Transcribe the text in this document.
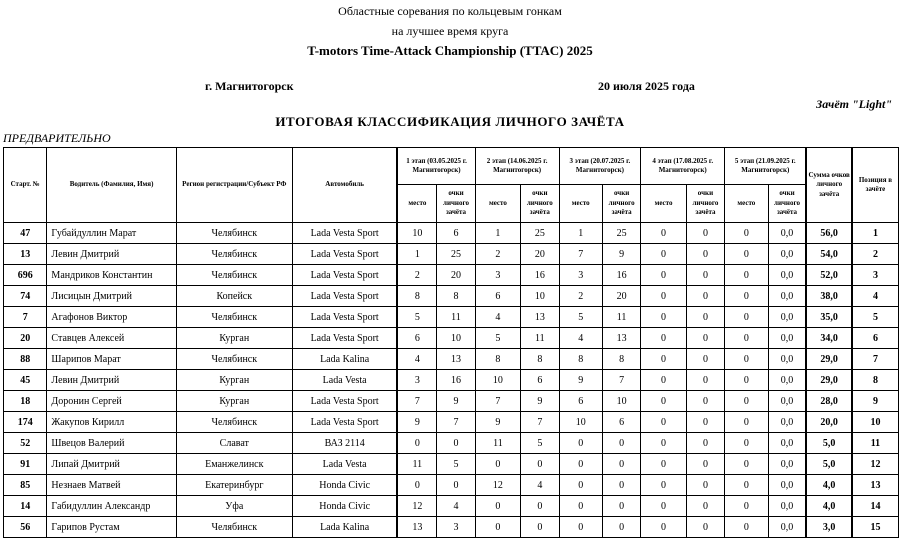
Областные соревания по кольцевым гонкам
на лучшее время круга
T-motors Time-Attack Championship (TTAC) 2025
г. Магнитогорск	20 июля 2025 года
Зачёт "Light"
ИТОГОВАЯ КЛАССИФИКАЦИЯ ЛИЧНОГО ЗАЧЁТА
ПРЕДВАРИТЕЛЬНО
Старт. №	Водитель (Фамилия, Имя)	Регион регистрации/Субъект РФ	Автомобиль	1 этап (03.05.2025 г. Магнитогорск)		2 этап (14.06.2025 г. Магнитогорск)		3 этап (20.07.2025 г. Магнитогорск)		4 этап (17.08.2025 г. Магнитогорск)		5 этап (21.09.2025 г. Магнитогорск)		Сумма очков личного зачёта	Позиция в зачёте
				место	очки личного зачёта	место	очки личного зачёта	место	очки личного зачёта	место	очки личного зачёта	место	очки личного зачёта		
47	Губайдуллин Марат	Челябинск	Lada Vesta Sport	10	6	1	25	1	25	0	0	0	0,0	56,0	1
13	Левин Дмитрий	Челябинск	Lada Vesta Sport	1	25	2	20	7	9	0	0	0	0,0	54,0	2
696	Мандриков Константин	Челябинск	Lada Vesta Sport	2	20	3	16	3	16	0	0	0	0,0	52,0	3
74	Лисицын Дмитрий	Копейск	Lada Vesta Sport	8	8	6	10	2	20	0	0	0	0,0	38,0	4
7	Агафонов Виктор	Челябинск	Lada Vesta Sport	5	11	4	13	5	11	0	0	0	0,0	35,0	5
20	Ставцев Алексей	Курган	Lada Vesta Sport	6	10	5	11	4	13	0	0	0	0,0	34,0	6
88	Шарипов Марат	Челябинск	Lada Kalina	4	13	8	8	8	8	0	0	0	0,0	29,0	7
45	Левин Дмитрий	Курган	Lada Vesta	3	16	10	6	9	7	0	0	0	0,0	29,0	8
18	Доронин Сергей	Курган	Lada Vesta Sport	7	9	7	9	6	10	0	0	0	0,0	28,0	9
174	Жакупов Кирилл	Челябинск	Lada Vesta Sport	9	7	9	7	10	6	0	0	0	0,0	20,0	10
52	Швецов Валерий	Слават	ВАЗ 2114	0	0	11	5	0	0	0	0	0	0,0	5,0	11
91	Липай Дмитрий	Еманжелинск	Lada Vesta	11	5	0	0	0	0	0	0	0	0,0	5,0	12
85	Незнаев Матвей	Екатеринбург	Honda Civic	0	0	12	4	0	0	0	0	0	0,0	4,0	13
14	Габидуллин Александр	Уфа	Honda Civic	12	4	0	0	0	0	0	0	0	0,0	4,0	14
56	Гарипов Рустам	Челябинск	Lada Kalina	13	3	0	0	0	0	0	0	0	0,0	3,0	15
